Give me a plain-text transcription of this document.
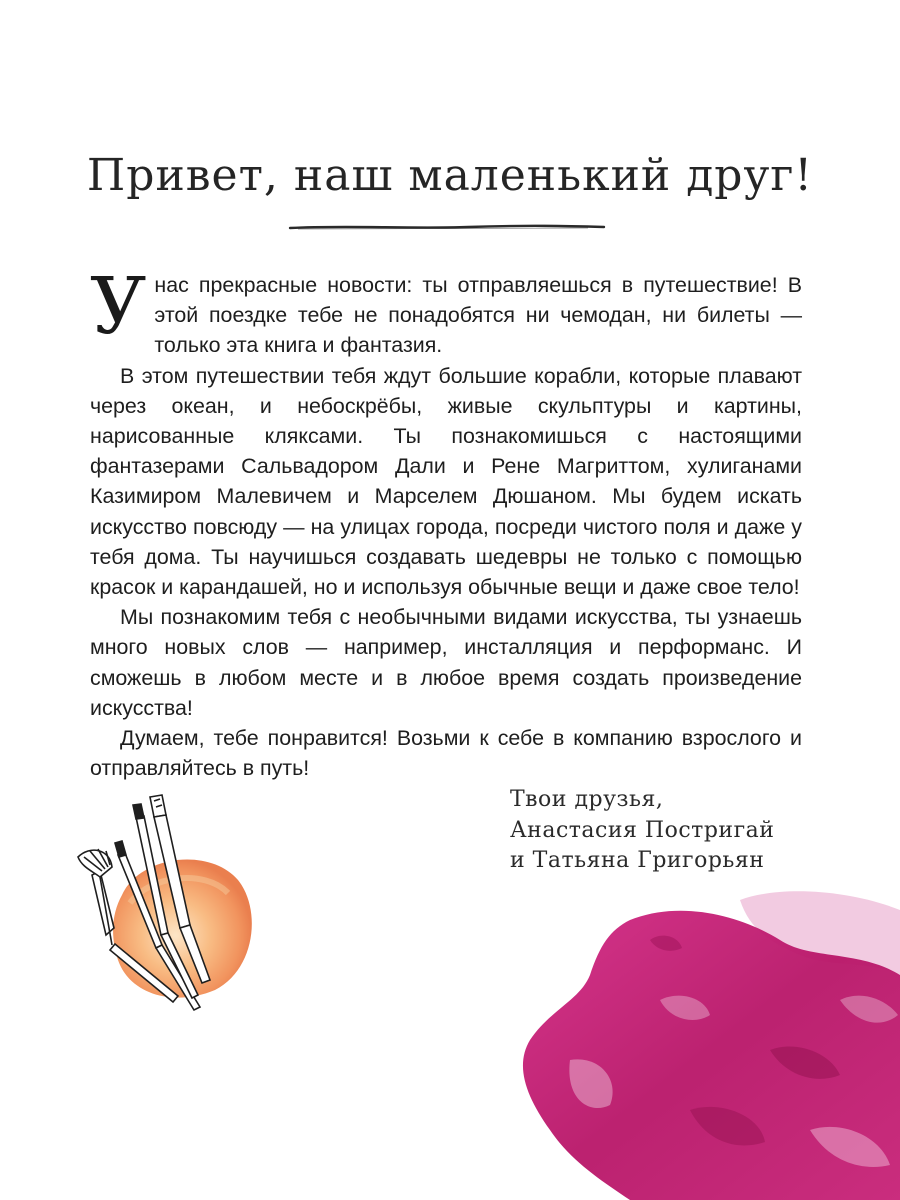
Привет, наш маленький друг!

Унас прекрасные новости: ты отправляешься в путешествие! В этой поездке тебе не понадобятся ни чемодан, ни билеты — только эта книга и фантазия.

В этом путешествии тебя ждут большие корабли, которые плавают через океан, и небоскрёбы, живые скульптуры и картины, нарисованные кляксами. Ты познакомишься с настоящими фантазерами Сальвадором Дали и Рене Магриттом, хулиганами Казимиром Малевичем и Марселем Дюшаном. Мы будем искать искусство повсюду — на улицах города, посреди чистого поля и даже у тебя дома. Ты научишься создавать шедевры не только с помощью красок и карандашей, но и используя обычные вещи и даже свое тело!

Мы познакомим тебя с необычными видами искусства, ты узнаешь много новых слов — например, инсталляция и перформанс. И сможешь в любом месте и в любое время создать произведение искусства!

Думаем, тебе понравится! Возьми к себе в компанию взрослого и отправляйтесь в путь!

Твои друзья,
Анастасия Постригай
и Татьяна Григорьян
